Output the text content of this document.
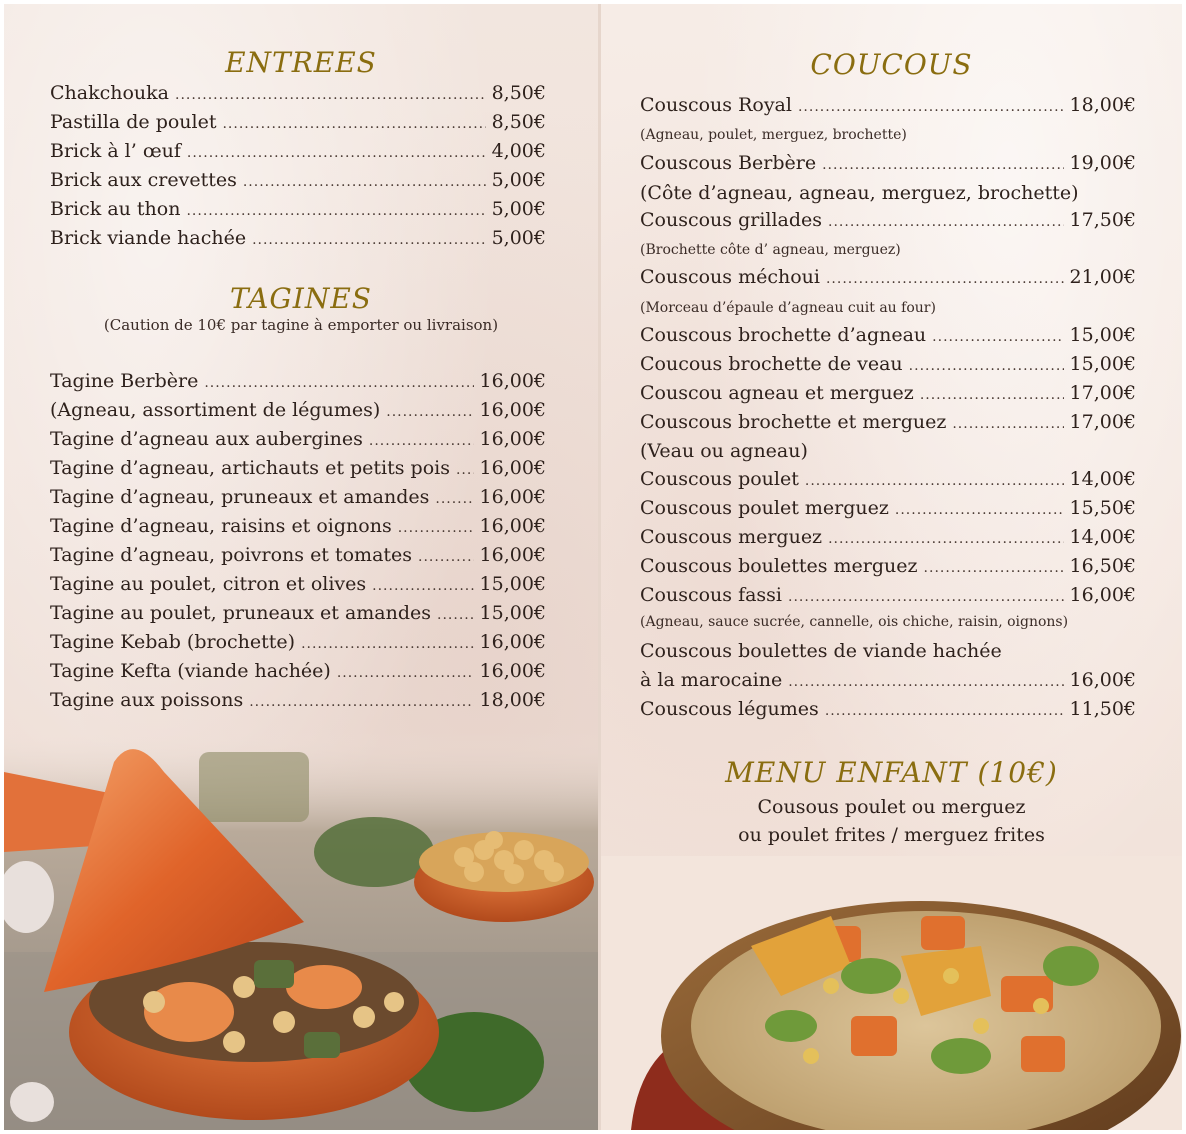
ENTREES
Chakchouka .....	8,50€
Pastilla de poulet .....	8,50€
Brick à l’ œuf .....	4,00€
Brick aux crevettes .....	5,00€
Brick au thon .....	5,00€
Brick viande hachée .....	5,00€
TAGINES

(Caution de 10€ par tagine à emporter ou livraison)

Tagine Berbère .....	16,00€
(Agneau, assortiment de légumes) .....	16,00€
Tagine d’agneau aux aubergines .....	16,00€
Tagine d’agneau, artichauts et petits pois ..... 16,00€
Tagine d’agneau, pruneaux et amandes .....	16,00€
Tagine d’agneau, raisins et oignons .....	16,00€
Tagine d’agneau, poivrons et tomates .....	16,00€
Tagine au poulet, citron et olives .....	15,00€
Tagine au poulet, pruneaux et amandes .....	15,00€
Tagine Kebab (brochette) .....	16,00€
Tagine Kefta (viande hachée) .....	16,00€
Tagine aux poissons .....	18,00€
COUCOUS
Couscous Royal .....	18,00€
(Agneau, poulet, merguez, brochette)
Couscous Berbère .....	19,00€
(Côte d’agneau, agneau, merguez, brochette)
Couscous grillades .....	17,50€
(Brochette côte d’ agneau, merguez)
Couscous méchoui .....	21,00€
(Morceau d’épaule d’agneau cuit au four)
Couscous brochette d’agneau .....	15,00€
Coucous brochette de veau .....	15,00€
Couscou agneau et merguez .....	17,00€
Couscous brochette et merguez .....	17,00€
(Veau ou agneau)
Couscous poulet .....	14,00€
Couscous poulet merguez .....	15,50€
Couscous merguez .....	14,00€
Couscous boulettes merguez .....	16,50€
Couscous fassi .....	16,00€
(Agneau, sauce sucrée, cannelle, ois chiche, raisin, oignons)
Couscous boulettes de viande hachée
à la marocaine .....	16,00€
Couscous légumes .....	11,50€
MENU ENFANT (10€)
Cousous poulet ou merguez
ou poulet frites / merguez frites
